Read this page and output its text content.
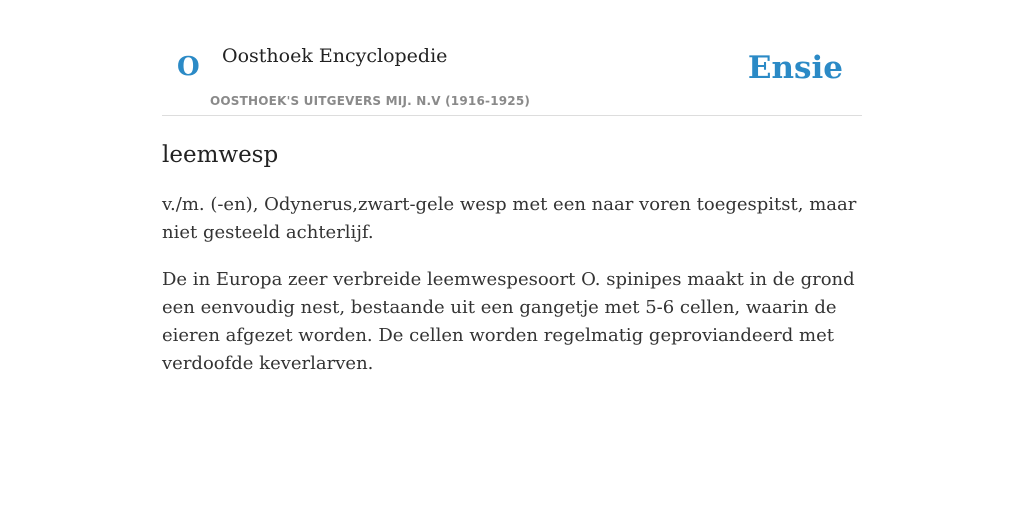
O Oosthoek Encyclopedie
OOSTHOEK'S UITGEVERS MIJ. N.V (1916-1925)
Ensie
leemwesp

v./m. (-en), Odynerus,zwart-gele wesp met een naar voren toegespitst, maar niet gesteeld achterlijf.

De in Europa zeer verbreide leemwespesoort O. spinipes maakt in de grond een eenvoudig nest, bestaande uit een gangetje met 5-6 cellen, waarin de eieren afgezet worden. De cellen worden regelmatig geproviandeerd met verdoofde keverlarven.
